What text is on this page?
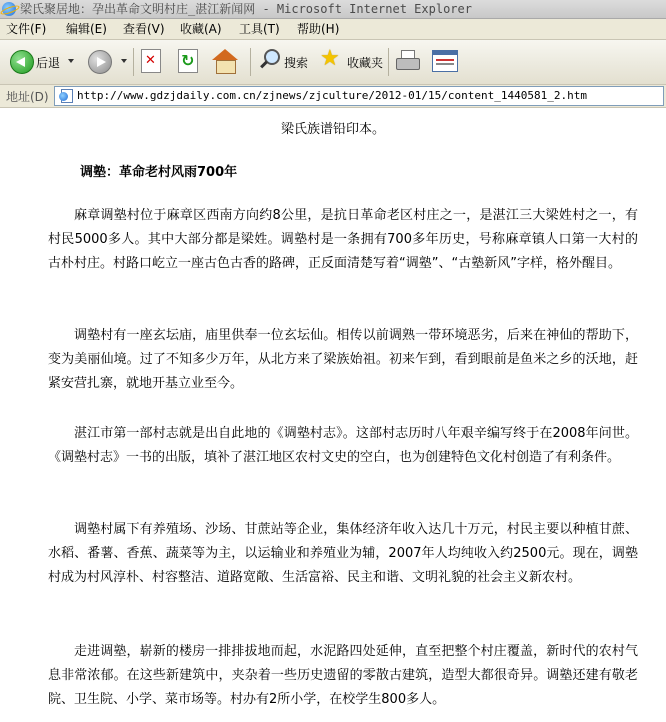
梁氏聚居地：孕出革命文明村庄_湛江新闻网 - Microsoft Internet Explorer
文件(F) 编辑(E) 查看(V) 收藏(A) 工具(T) 帮助(H)
后退 ✕ ↻	搜索 ★ 收藏夹
地址(D)	http://www.gdzjdaily.com.cn/zjnews/zjculture/2012-01/15/content_1440581_2.htm
梁氏族谱铅印本。
调塾：革命老村风雨700年

麻章调塾村位于麻章区西南方向约8公里，是抗日革命老区村庄之一，是湛江三大梁姓村之一，有村民5000多人。其中大部分都是梁姓。调塾村是一条拥有700多年历史，号称麻章镇人口第一大村的古朴村庄。村路口屹立一座古色古香的路碑，正反面清楚写着“调塾”、“古塾新风”字样，格外醒目。

调塾村有一座玄坛庙，庙里供奉一位玄坛仙。相传以前调熟一带环境恶劣，后来在神仙的帮助下，变为美丽仙境。过了不知多少万年，从北方来了梁族始祖。初来乍到，看到眼前是鱼米之乡的沃地，赶紧安营扎寨，就地开基立业至今。

湛江市第一部村志就是出自此地的《调塾村志》。这部村志历时八年艰辛编写终于在2008年问世。《调塾村志》一书的出版，填补了湛江地区农村文史的空白，也为创建特色文化村创造了有利条件。

调塾村属下有养殖场、沙场、甘蔗站等企业，集体经济年收入达几十万元，村民主要以种植甘蔗、水稻、番薯、香蕉、蔬菜等为主，以运输业和养殖业为辅，2007年人均纯收入约2500元。现在，调塾村成为村风淳朴、村容整洁、道路宽敞、生活富裕、民主和谐、文明礼貌的社会主义新农村。

走进调塾，崭新的楼房一排排拔地而起，水泥路四处延伸，直至把整个村庄覆盖，新时代的农村气息非常浓郁。在这些新建筑中，夹杂着一些历史遗留的零散古建筑，造型大都很奇异。调塾还建有敬老院、卫生院、小学、菜市场等。村办有2所小学，在校学生800多人。
